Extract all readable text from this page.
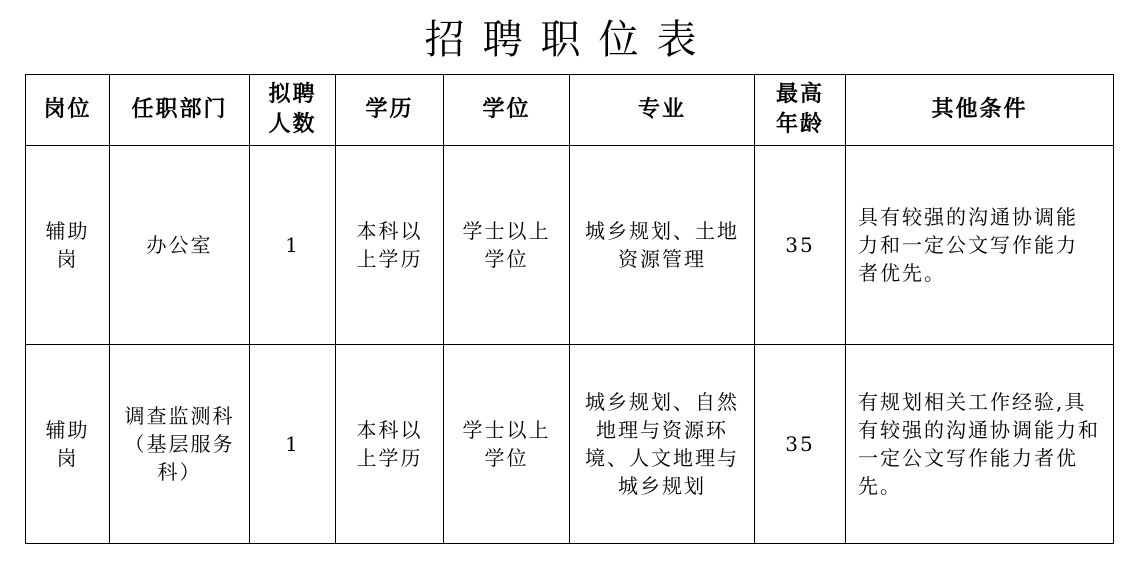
招聘职位表
岗位	任职部门	拟聘人数	学历	学位	专业	最高年龄	其他条件
辅助岗	办公室	1	本科以上学历	学士以上学位	城乡规划、土地资源管理	35	具有较强的沟通协调能力和一定公文写作能力者优先。
辅助岗	调查监测科（基层服务科）	1	本科以上学历	学士以上学位	城乡规划、自然地理与资源环境、人文地理与城乡规划	35	有规划相关工作经验,具有较强的沟通协调能力和一定公文写作能力者优先。
